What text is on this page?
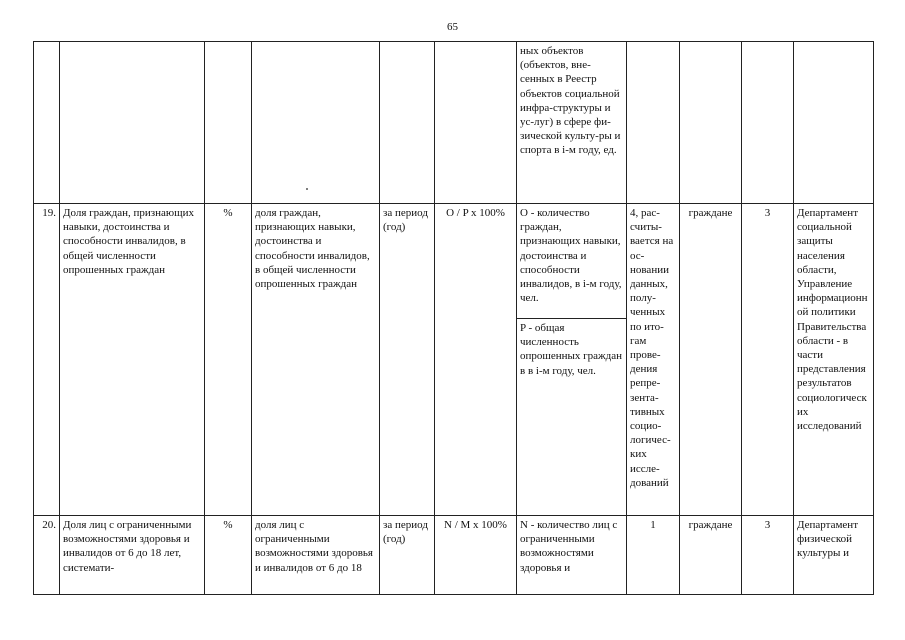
65
						ных объектов (объектов, вне-сенных в Реестр объектов социальной инфра-структуры и ус-луг) в сфере фи-зической культу-ры и спорта в i-м году, ед.				
19.	Доля граждан, признающих навыки, достоинства и способности инвалидов, в общей численности опрошенных граждан	%	доля граждан, признающих навыки, достоинства и способности инвалидов, в общей численности опрошенных граждан	за период (год)	O / P x 100%	O - количество граждан, признающих навыки, достоинства и способности инвалидов, в i-м году, чел.	4, рас-считы-вается на ос-новании данных, полу-ченных по ито-гам прове-дения репре-зента-тивных социо-логичес-ких иссле-дований	граждане	3	Департамент социальной защиты населения области, Управление информационной политики Правительства области - в части представления результатов социологических исследований
						P - общая численность опрошенных граждан в в i-м году, чел.				
20.	Доля лиц с ограниченными возможностями здоровья и инвалидов от 6 до 18 лет, системати-	%	доля лиц с ограниченными возможностями здоровья и инвалидов от 6 до 18	за период (год)	N / M x 100%	N - количество лиц с ограниченными возможностями здоровья и	1	граждане	3	Департамент физической культуры и
